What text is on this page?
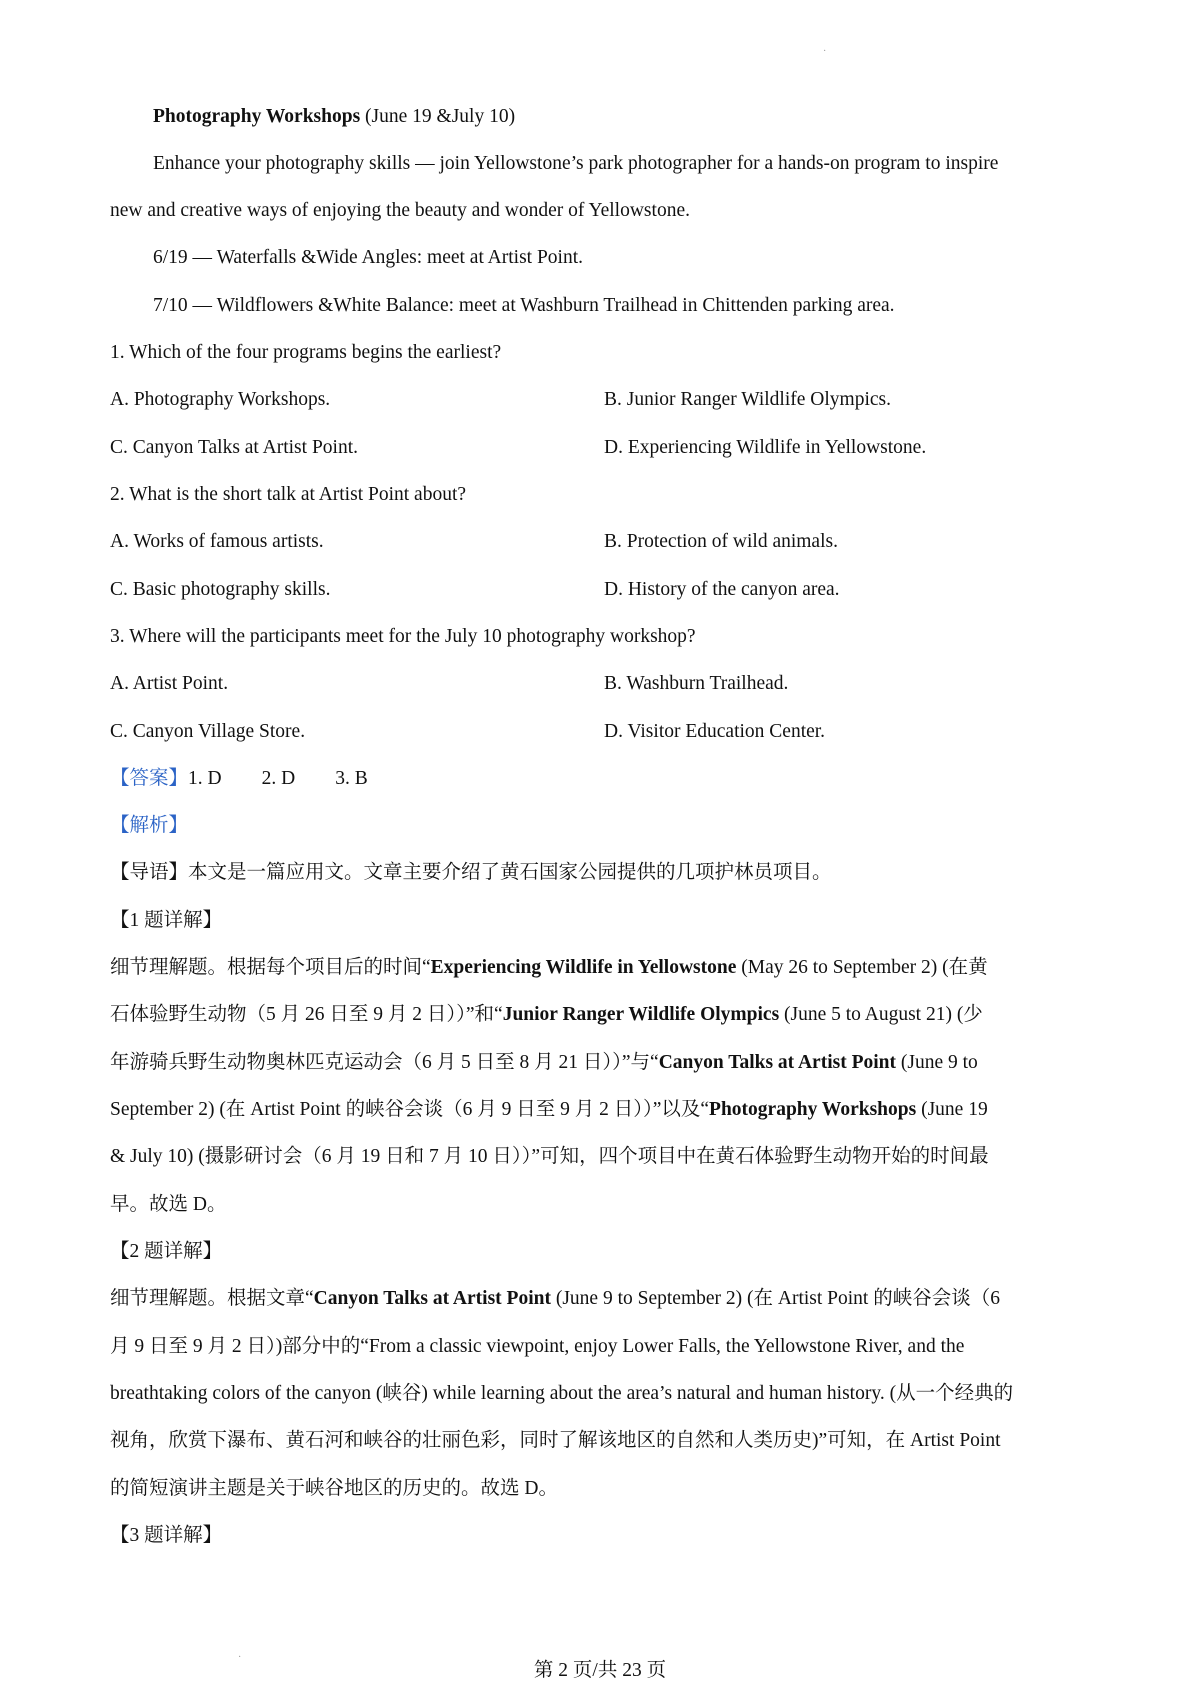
·
Photography Workshops (June 19 &July 10)
Enhance your photography skills — join Yellowstone’s park photographer for a hands-on program to inspire
new and creative ways of enjoying the beauty and wonder of Yellowstone.
6/19 — Waterfalls &Wide Angles: meet at Artist Point.
7/10 — Wildflowers &White Balance: meet at Washburn Trailhead in Chittenden parking area.
1. Which of the four programs begins the earliest?
A. Photography Workshops.	B. Junior Ranger Wildlife Olympics.
C. Canyon Talks at Artist Point.	D. Experiencing Wildlife in Yellowstone.
2. What is the short talk at Artist Point about?
A. Works of famous artists.	B. Protection of wild animals.
C. Basic photography skills.	D. History of the canyon area.
3. Where will the participants meet for the July 10 photography workshop?
A. Artist Point.	B. Washburn Trailhead.
C. Canyon Village Store.	D. Visitor Education Center.
【答案】1. D 2. D 3. B
【解析】
【导语】本文是一篇应用文。文章主要介绍了黄石国家公园提供的几项护林员项目。
【1 题详解】
细节理解题。根据每个项目后的时间“Experiencing Wildlife in Yellowstone (May 26 to September 2) (在黄
石体验野生动物（5 月 26 日至 9 月 2 日））”和“Junior Ranger Wildlife Olympics (June 5 to August 21) (少
年游骑兵野生动物奥林匹克运动会（6 月 5 日至 8 月 21 日））”与“Canyon Talks at Artist Point (June 9 to
September 2) (在 Artist Point 的峡谷会谈（6 月 9 日至 9 月 2 日））”以及“Photography Workshops (June 19
& July 10) (摄影研讨会（6 月 19 日和 7 月 10 日））”可知，四个项目中在黄石体验野生动物开始的时间最
早。故选 D。
【2 题详解】
细节理解题。根据文章“Canyon Talks at Artist Point (June 9 to September 2) (在 Artist Point 的峡谷会谈（6
月 9 日至 9 月 2 日）)部分中的“From a classic viewpoint, enjoy Lower Falls, the Yellowstone River, and the
breathtaking colors of the canyon (峡谷) while learning about the area’s natural and human history. (从一个经典的
视角，欣赏下瀑布、黄石河和峡谷的壮丽色彩，同时了解该地区的自然和人类历史)”可知，在 Artist Point
的简短演讲主题是关于峡谷地区的历史的。故选 D。
【3 题详解】
·
第 2 页/共 23 页
